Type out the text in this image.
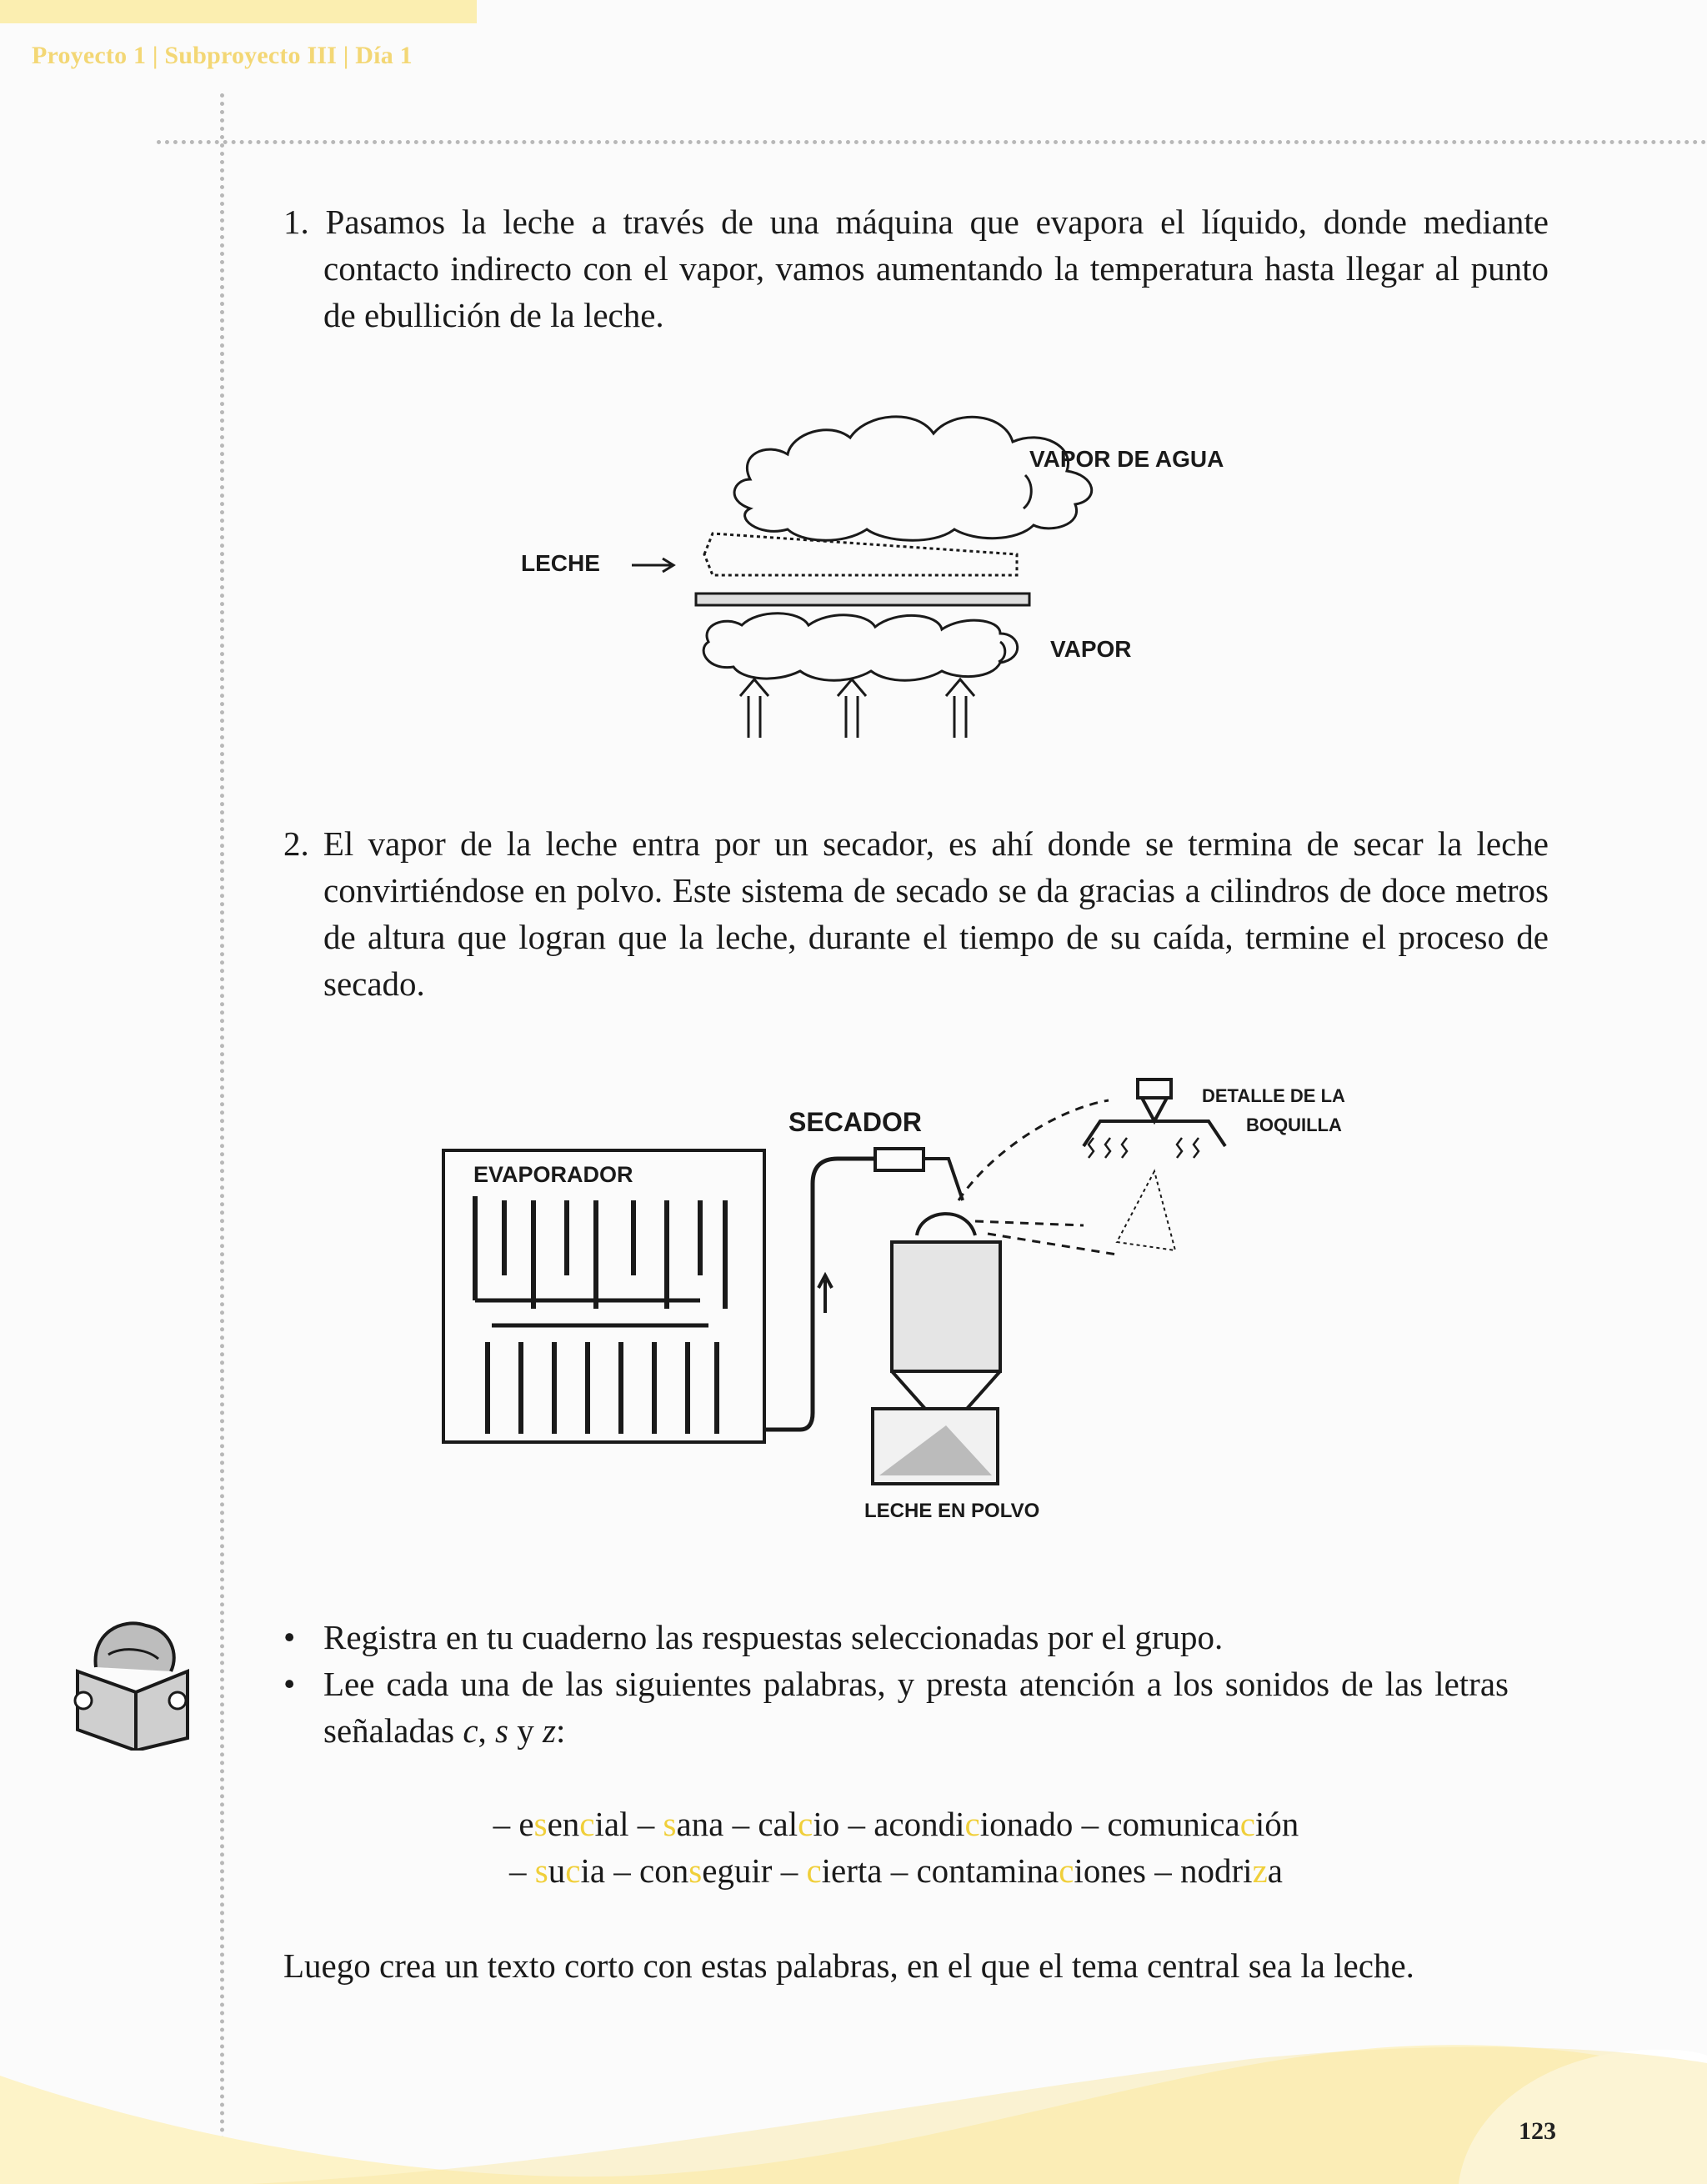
Proyecto 1 | Subproyecto III | Día 1
1. Pasamos la leche a través de una máquina que evapora el líquido, donde mediante contacto indirecto con el vapor, vamos aumentando la temperatura hasta llegar al punto de ebullición de la leche.
VAPOR DE AGUA
LECHE
VAPOR
2. El vapor de la leche entra por un secador, es ahí donde se termina de secar la leche convirtiéndose en polvo. Este sistema de secado se da gracias a cilindros de doce metros de altura que logran que la leche, durante el tiempo de su caída, termine el proceso de secado.
SECADOR
EVAPORADOR
DETALLE DE LA
BOQUILLA
LECHE EN POLVO
• Registra en tu cuaderno las respuestas seleccionadas por el grupo.
• Lee cada una de las siguientes palabras, y presta atención a los sonidos de las letras señaladas c, s y z:
– esencial – sana – calcio – acondicionado – comunicación
– sucia – conseguir – cierta – contaminaciones – nodriza
Luego crea un texto corto con estas palabras, en el que el tema central sea la leche.
123
